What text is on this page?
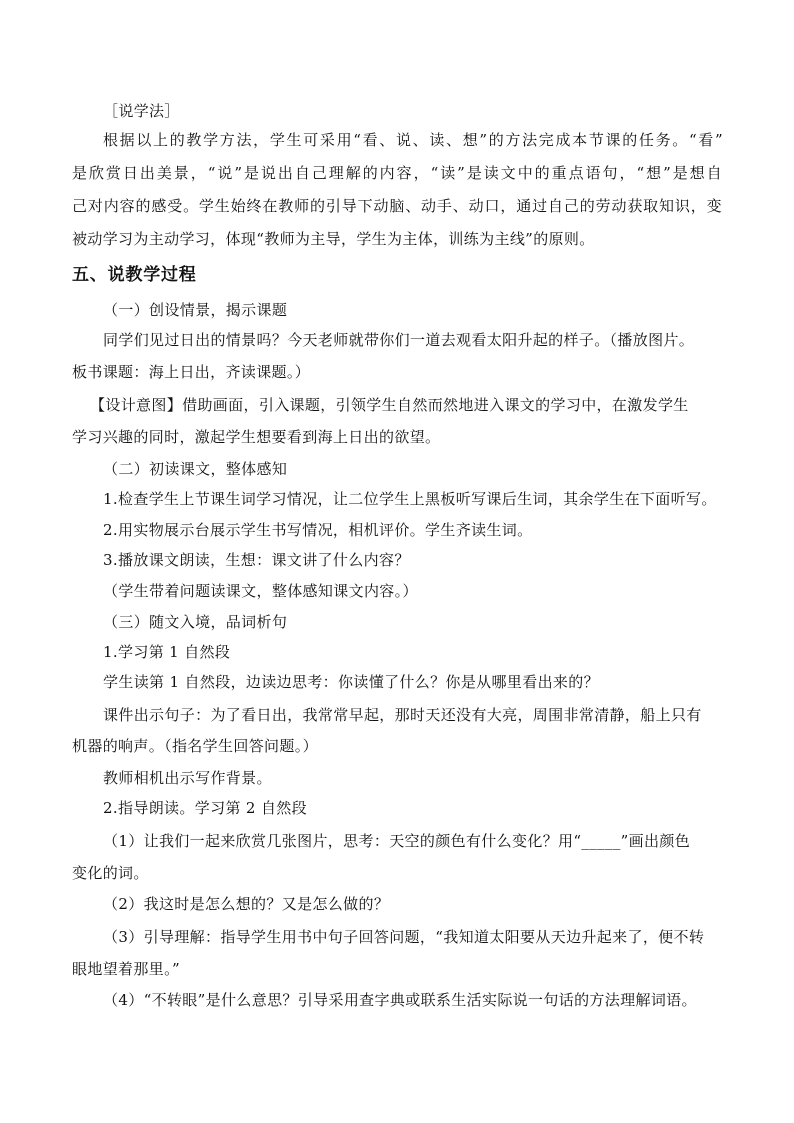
［说学法］
根据以上的教学方法，学生可采用“看、说、读、想”的方法完成本节课的任务。“看”
是欣赏日出美景，“说”是说出自己理解的内容，“读”是读文中的重点语句，“想”是想自
己对内容的感受。学生始终在教师的引导下动脑、动手、动口，通过自己的劳动获取知识，变
被动学习为主动学习，体现“教师为主导，学生为主体，训练为主线”的原则。
五、说教学过程
（一）创设情景，揭示课题
同学们见过日出的情景吗？今天老师就带你们一道去观看太阳升起的样子。（播放图片。
板书课题：海上日出，齐读课题。）
【设计意图】借助画面，引入课题，引领学生自然而然地进入课文的学习中，在激发学生
学习兴趣的同时，激起学生想要看到海上日出的欲望。
（二）初读课文，整体感知
1.检查学生上节课生词学习情况，让二位学生上黑板听写课后生词，其余学生在下面听写。
2.用实物展示台展示学生书写情况，相机评价。学生齐读生词。
3.播放课文朗读，生想：课文讲了什么内容？
（学生带着问题读课文，整体感知课文内容。）
（三）随文入境，品词析句
1.学习第 1 自然段
学生读第 1 自然段，边读边思考：你读懂了什么？你是从哪里看出来的？
课件出示句子：为了看日出，我常常早起，那时天还没有大亮，周围非常清静，船上只有
机器的响声。（指名学生回答问题。）
教师相机出示写作背景。
2.指导朗读。学习第 2 自然段
（1）让我们一起来欣赏几张图片，思考：天空的颜色有什么变化？用“_____”画出颜色
变化的词。
（2）我这时是怎么想的？又是怎么做的？
（3）引导理解：指导学生用书中句子回答问题，“我知道太阳要从天边升起来了，便不转
眼地望着那里。”
（4）“不转眼”是什么意思？引导采用查字典或联系生活实际说一句话的方法理解词语。
